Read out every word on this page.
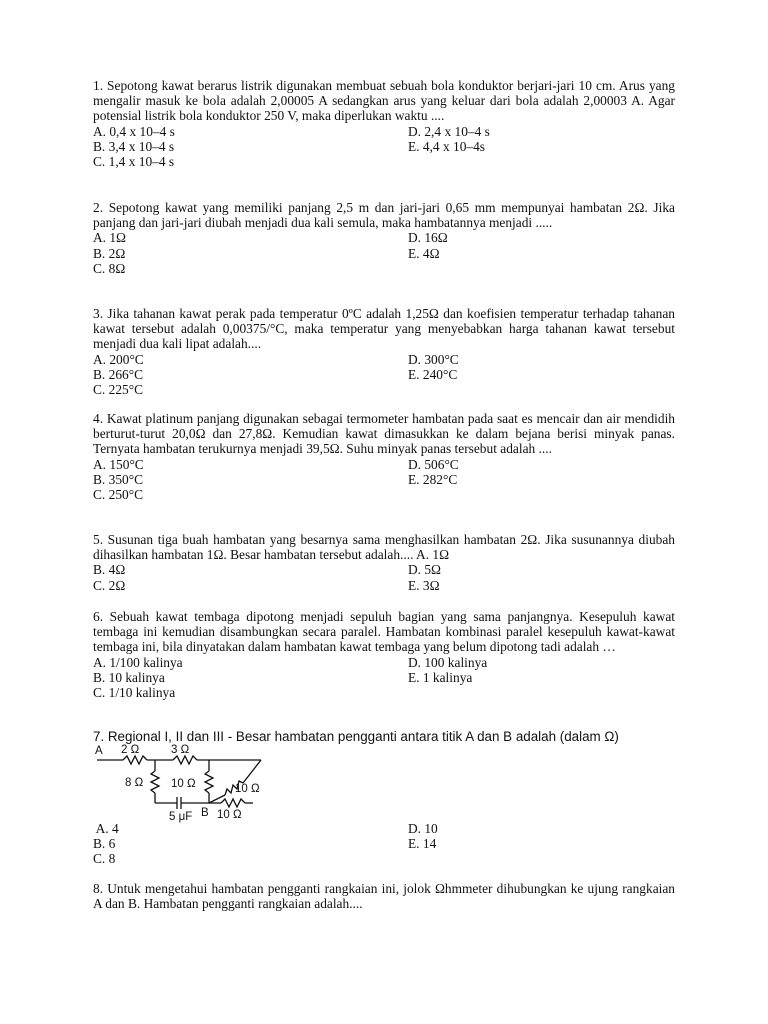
1. Sepotong kawat berarus listrik digunakan membuat sebuah bola konduktor berjari-jari 10 cm. Arus yang mengalir masuk ke bola adalah 2,00005 A sedangkan arus yang keluar dari bola adalah 2,00003 A. Agar potensial listrik bola konduktor 250 V, maka diperlukan waktu ....

A. 0,4 x 10–4 s	D. 2,4 x 10–4 s
B. 3,4 x 10–4 s	E. 4,4 x 10–4s
C. 1,4 x 10–4 s

2. Sepotong kawat yang memiliki panjang 2,5 m dan jari-jari 0,65 mm mempunyai hambatan 2Ω. Jika panjang dan jari-jari diubah menjadi dua kali semula, maka hambatannya menjadi .....

A. 1Ω	D. 16Ω
B. 2Ω	E. 4Ω
C. 8Ω

3. Jika tahanan kawat perak pada temperatur 0ºC adalah 1,25Ω dan koefisien temperatur terhadap tahanan kawat tersebut adalah 0,00375/°C, maka temperatur yang menyebabkan harga tahanan kawat tersebut menjadi dua kali lipat adalah....

A. 200°C	D. 300°C
B. 266°C	E. 240°C
C. 225°C

4. Kawat platinum panjang digunakan sebagai termometer hambatan pada saat es mencair dan air mendidih berturut-turut 20,0Ω dan 27,8Ω. Kemudian kawat dimasukkan ke dalam bejana berisi minyak panas. Ternyata hambatan terukurnya menjadi 39,5Ω. Suhu minyak panas tersebut adalah ....

A. 150°C	D. 506°C
B. 350°C	E. 282°C
C. 250°C

5. Susunan tiga buah hambatan yang besarnya sama menghasilkan hambatan 2Ω. Jika susunannya diubah dihasilkan hambatan 1Ω. Besar hambatan tersebut adalah.... A. 1Ω

B. 4Ω	D. 5Ω
C. 2Ω	E. 3Ω

6. Sebuah kawat tembaga dipotong menjadi sepuluh bagian yang sama panjangnya. Kesepuluh kawat tembaga ini kemudian disambungkan secara paralel. Hambatan kombinasi paralel kesepuluh kawat-kawat tembaga ini, bila dinyatakan dalam hambatan kawat tembaga yang belum dipotong tadi adalah …

A. 1/100 kalinya	D. 100 kalinya
B. 10 kalinya	E. 1 kalinya
C. 1/10 kalinya

7. Regional I, II dan III - Besar hambatan pengganti antara titik A dan B adalah (dalam Ω)

A 2 Ω	3 Ω
8 Ω 10 Ω	10 Ω
5 μF B 10 Ω
A. 4	D. 10
B. 6	E. 14
C. 8

8. Untuk mengetahui hambatan pengganti rangkaian ini, jolok Ωhmmeter dihubungkan ke ujung rangkaian A dan B. Hambatan pengganti rangkaian adalah....
